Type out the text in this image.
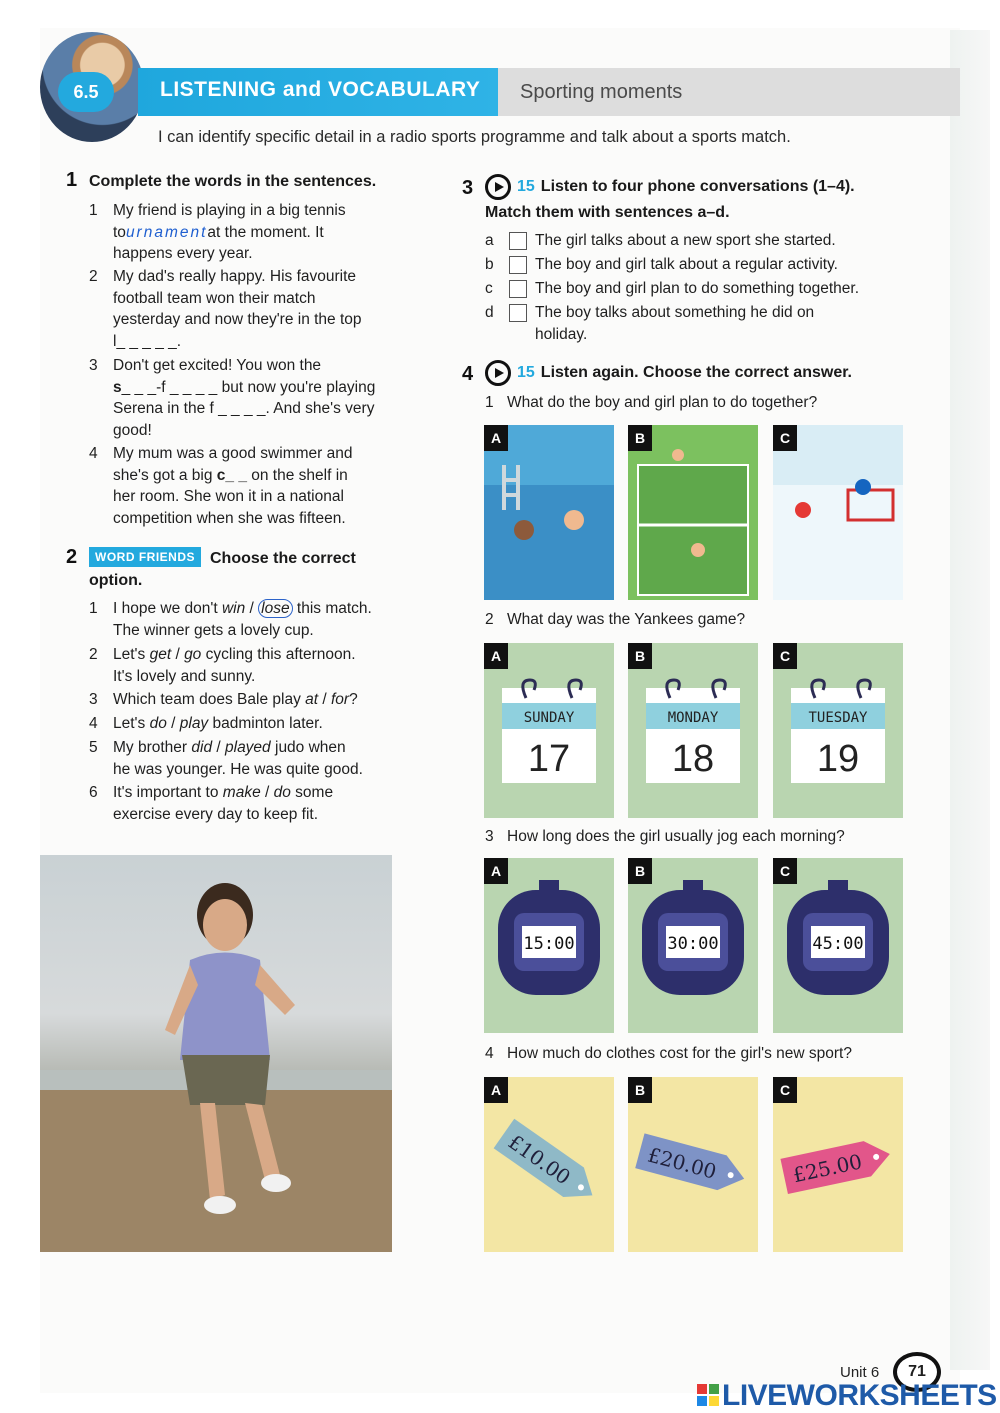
6.5	LISTENING and VOCABULARY Sporting moments
I can identify specific detail in a radio sports programme and talk about a sports match.
1 Complete the words in the sentences.
1 My friend is playing in a big tennis
tournamentat the moment. It
happens every year.
2 My dad's really happy. His favourite
football team won their match
yesterday and now they're in the top
l_ _ _ _ _.
3 Don't get excited! You won the
s_ _ _-f _ _ _ _ but now you're playing
Serena in the f _ _ _ _. And she's very
good!
4 My mum was a good swimmer and
she's got a big c_ _ on the shelf in
her room. She won it in a national
competition when she was fifteen.
2	WORD FRIENDS Choose the correct
option.
1 I hope we don't win / lose this match.
The winner gets a lovely cup.
2 Let's get / go cycling this afternoon.
It's lovely and sunny.
3 Which team does Bale play at / for?
4 Let's do / play badminton later.
5 My brother did / played judo when
he was younger. He was quite good.
6 It's important to make / do some
exercise every day to keep fit.
3	15 Listen to four phone conversations (1–4).
Match them with sentences a–d.
a	The girl talks about a new sport she started.
b	The boy and girl talk about a regular activity.
c	The boy and girl plan to do something together.
d	The boy talks about something he did on
holiday.
4	15 Listen again. Choose the correct answer.
1 What do the boy and girl plan to do together?
A	B	C
2 What day was the Yankees game?
A
SUNDAY
17
B
MONDAY
18
C
TUESDAY
19
3 How long does the girl usually jog each morning?
A
15:00
B
30:00
C
45:00
4 How much do clothes cost for the girl's new sport?
A
£10.00
B
£20.00
C
£25.00
Unit 6	71
LIVEWORKSHEETS
